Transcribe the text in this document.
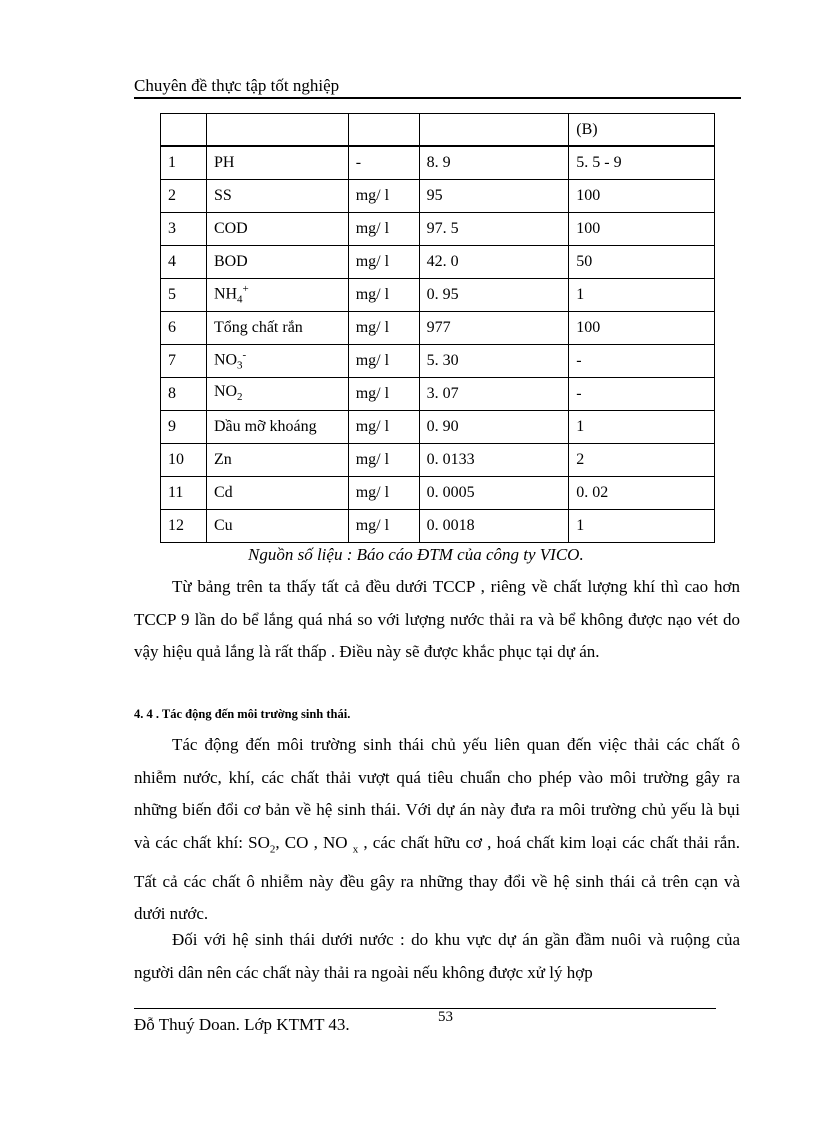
Chuyên đề thực tập tốt nghiệp
				(B)
1	PH	-	8. 9	5. 5 - 9
2	SS	mg/ l	95	100
3	COD	mg/ l	97. 5	100
4	BOD	mg/ l	42. 0	50
5	$NH_4^+$	mg/ l	0. 95	1
6	Tổng chất rắn	mg/ l	977	100
7	$NO_3^-$	mg/ l	5. 30	-
8	$NO_2$	mg/ l	3. 07	-
9	Dầu mỡ khoáng	mg/ l	0. 90	1
10	Zn	mg/ l	0. 0133	2
11	Cd	mg/ l	0. 0005	0. 02
12	Cu	mg/ l	0. 0018	1
Nguồn số liệu : Báo cáo ĐTM của công ty VICO.

Từ bảng trên ta thấy tất cả đều dưới TCCP , riêng về chất lượng khí thì cao hơn TCCP 9 lần do bể lắng quá nhá so với lượng nước thải ra và bể không được nạo vét do vậy hiệu quả lắng là rất thấp . Điều này sẽ được khắc phục tại dự án.

4. 4 . Tác động đến môi trường sinh thái.

Tác động đến môi trường sinh thái chủ yếu liên quan đến việc thải các chất ô nhiễm nước, khí, các chất thải vượt quá tiêu chuẩn cho phép vào môi trường gây ra những biến đổi cơ bản về hệ sinh thái. Với dự án này đưa ra môi trường chủ yếu là bụi và các chất khí: $SO_2$, CO , NO $_x$ , các chất hữu cơ , hoá chất kim loại các chất thải rắn. Tất cả các chất ô nhiễm này đều gây ra những thay đổi về hệ sinh thái cả trên cạn và dưới nước.

Đối với hệ sinh thái dưới nước : do khu vực dự án gần đầm nuôi và ruộng của người dân nên các chất này thải ra ngoài nếu không được xử lý hợp

Đỗ Thuý Doan. Lớp KTMT 43.	53
